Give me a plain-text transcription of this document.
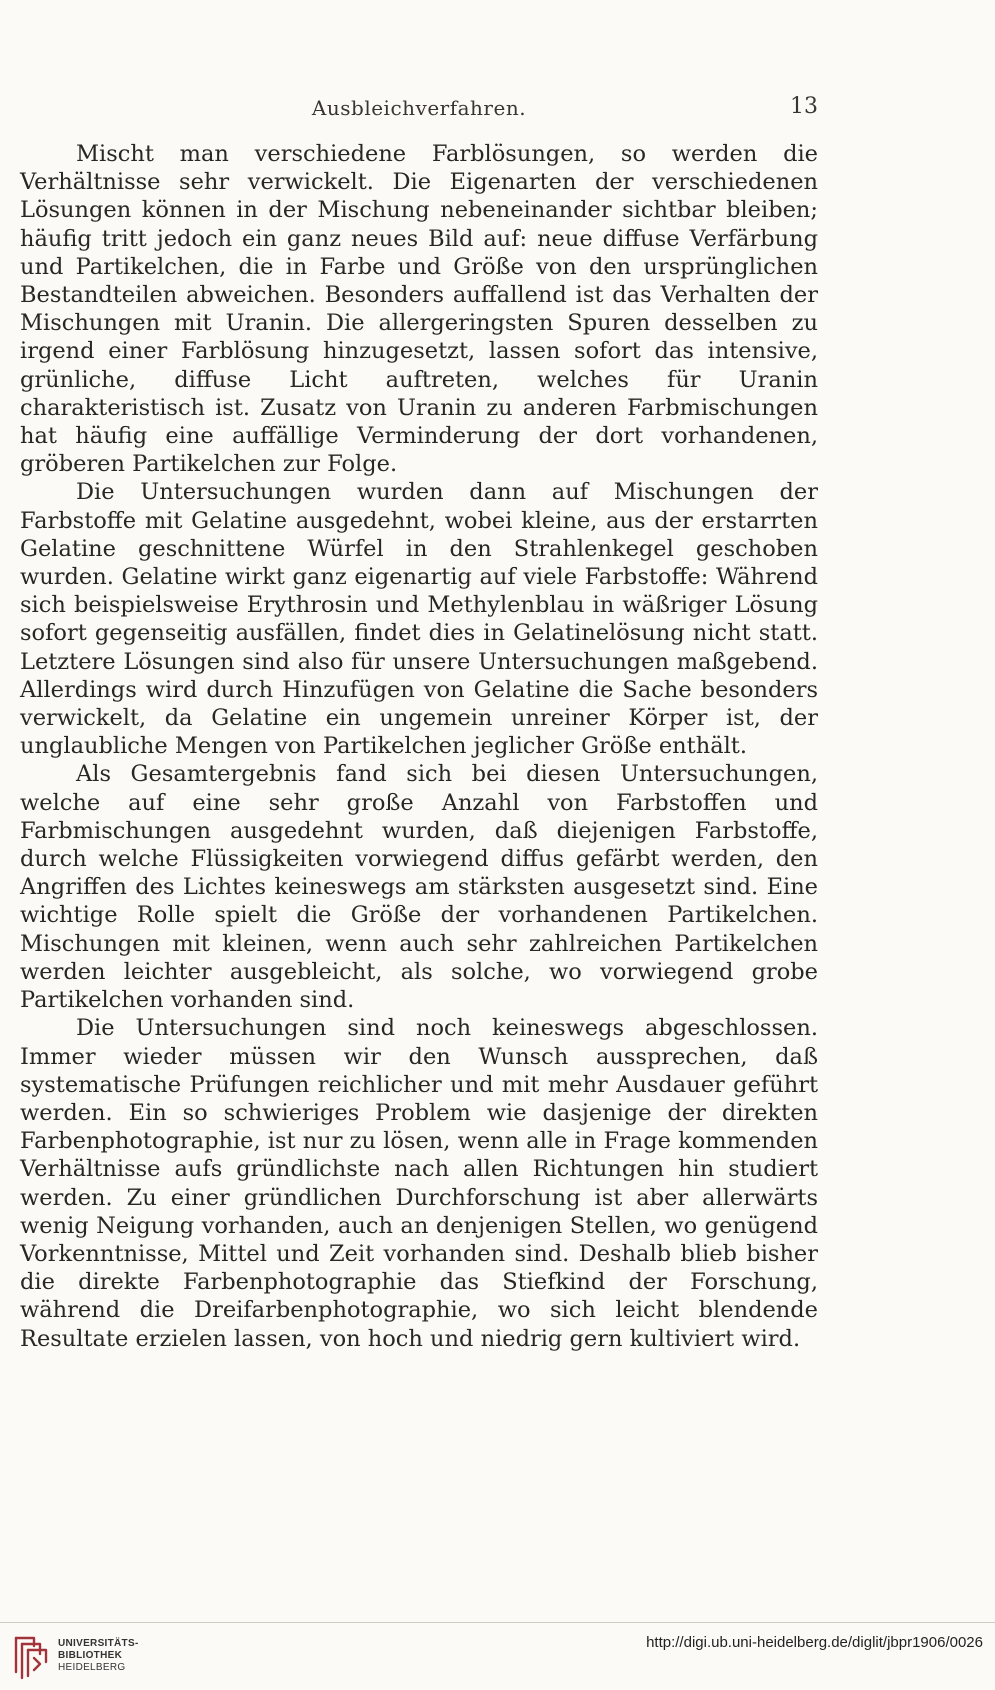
Ausbleichverfahren.	13

Mischt man verschiedene Farblösungen, so werden die Verhältnisse sehr verwickelt. Die Eigenarten der verschiedenen Lösungen können in der Mischung nebeneinander sichtbar bleiben; häufig tritt jedoch ein ganz neues Bild auf: neue diffuse Verfärbung und Partikelchen, die in Farbe und Größe von den ursprünglichen Bestandteilen abweichen. Besonders auffallend ist das Verhalten der Mischungen mit Uranin. Die allergeringsten Spuren desselben zu irgend einer Farblösung hinzugesetzt, lassen sofort das intensive, grünliche, diffuse Licht auftreten, welches für Uranin charakteristisch ist. Zusatz von Uranin zu anderen Farbmischungen hat häufig eine auffällige Verminderung der dort vorhandenen, gröberen Partikelchen zur Folge.

Die Untersuchungen wurden dann auf Mischungen der Farbstoffe mit Gelatine ausgedehnt, wobei kleine, aus der erstarrten Gelatine geschnittene Würfel in den Strahlenkegel geschoben wurden. Gelatine wirkt ganz eigenartig auf viele Farbstoffe: Während sich beispielsweise Erythrosin und Methylenblau in wäßriger Lösung sofort gegenseitig ausfällen, findet dies in Gelatinelösung nicht statt. Letztere Lösungen sind also für unsere Untersuchungen maßgebend. Allerdings wird durch Hinzufügen von Gelatine die Sache besonders verwickelt, da Gelatine ein ungemein unreiner Körper ist, der unglaubliche Mengen von Partikelchen jeglicher Größe enthält.

Als Gesamtergebnis fand sich bei diesen Untersuchungen, welche auf eine sehr große Anzahl von Farbstoffen und Farbmischungen ausgedehnt wurden, daß diejenigen Farbstoffe, durch welche Flüssigkeiten vorwiegend diffus gefärbt werden, den Angriffen des Lichtes keineswegs am stärksten ausgesetzt sind. Eine wichtige Rolle spielt die Größe der vorhandenen Partikelchen. Mischungen mit kleinen, wenn auch sehr zahlreichen Partikelchen werden leichter ausgebleicht, als solche, wo vorwiegend grobe Partikelchen vorhanden sind.

Die Untersuchungen sind noch keineswegs abgeschlossen. Immer wieder müssen wir den Wunsch aussprechen, daß systematische Prüfungen reichlicher und mit mehr Ausdauer geführt werden. Ein so schwieriges Problem wie dasjenige der direkten Farbenphotographie, ist nur zu lösen, wenn alle in Frage kommenden Verhältnisse aufs gründlichste nach allen Richtungen hin studiert werden. Zu einer gründlichen Durchforschung ist aber allerwärts wenig Neigung vorhanden, auch an denjenigen Stellen, wo genügend Vorkenntnisse, Mittel und Zeit vorhanden sind. Deshalb blieb bisher die direkte Farbenphotographie das Stiefkind der Forschung, während die Dreifarbenphotographie, wo sich leicht blendende Resultate erzielen lassen, von hoch und niedrig gern kultiviert wird.

UNIVERSITÄTS-
BIBLIOTHEK
HEIDELBERG
http://digi.ub.uni-heidelberg.de/diglit/jbpr1906/0026
